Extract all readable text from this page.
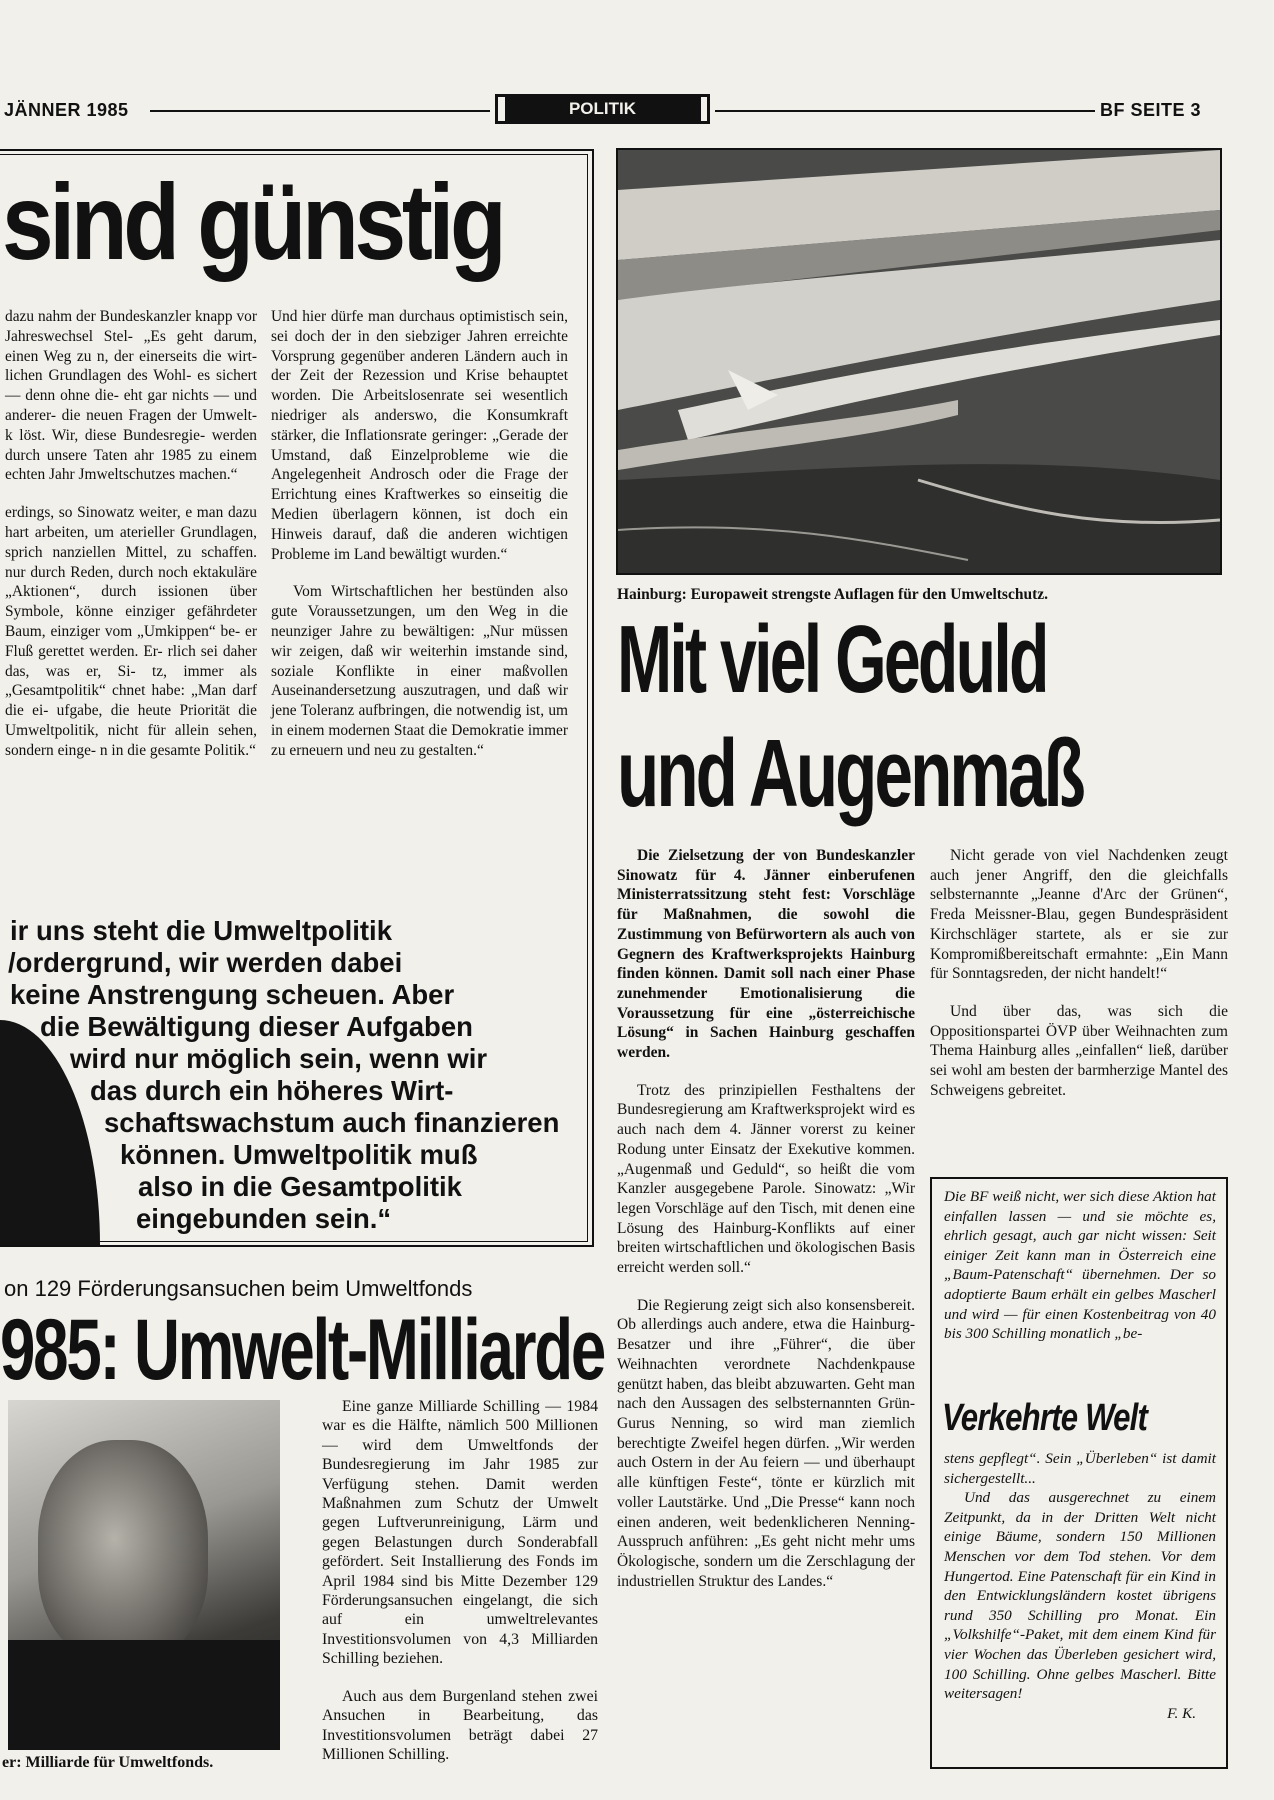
JÄNNER 1985	POLITIK	BF SEITE 3
sind günstig

dazu nahm der Bundeskanzler knapp vor Jahreswechsel Stel- „Es geht darum, einen Weg zu n, der einerseits die wirt- lichen Grundlagen des Wohl- es sichert — denn ohne die- eht gar nichts — und anderer- die neuen Fragen der Umwelt- k löst. Wir, diese Bundesregie- werden durch unsere Taten ahr 1985 zu einem echten Jahr Jmweltschutzes machen.“

erdings, so Sinowatz weiter, e man dazu hart arbeiten, um aterieller Grundlagen, sprich nanziellen Mittel, zu schaffen. nur durch Reden, durch noch ektakuläre „Aktionen“, durch issionen über Symbole, könne einziger gefährdeter Baum, einziger vom „Umkippen“ be- er Fluß gerettet werden. Er- rlich sei daher das, was er, Si- tz, immer als „Gesamtpolitik“ chnet habe: „Man darf die ei- ufgabe, die heute Priorität die Umweltpolitik, nicht für allein sehen, sondern einge- n in die gesamte Politik.“

Und hier dürfe man durchaus optimistisch sein, sei doch der in den siebziger Jahren erreichte Vorsprung gegenüber anderen Ländern auch in der Zeit der Rezession und Krise behauptet worden. Die Arbeitslosenrate sei wesentlich niedriger als anderswo, die Konsumkraft stärker, die Inflationsrate geringer: „Gerade der Umstand, daß Einzelprobleme wie die Angelegenheit Androsch oder die Frage der Errichtung eines Kraftwerkes so einseitig die Medien überlagern können, ist doch ein Hinweis darauf, daß die anderen wichtigen Probleme im Land bewältigt wurden.“

Vom Wirtschaftlichen her bestünden also gute Voraussetzungen, um den Weg in die neunziger Jahre zu bewältigen: „Nur müssen wir zeigen, daß wir weiterhin imstande sind, soziale Konflikte in einer maßvollen Auseinandersetzung auszutragen, und daß wir jene Toleranz aufbringen, die notwendig ist, um in einem modernen Staat die Demokratie immer zu erneuern und neu zu gestalten.“

ir uns steht die Umweltpolitik
/ordergrund, wir werden dabei
keine Anstrengung scheuen. Aber
die Bewältigung dieser Aufgaben
wird nur möglich sein, wenn wir
das durch ein höheres Wirt-
schaftswachstum auch finanzieren
können. Umweltpolitik muß
also in die Gesamtpolitik
eingebunden sein.“
on 129 Förderungsansuchen beim Umweltfonds
985: Umwelt-Milliarde
er: Milliarde für Umweltfonds.

Eine ganze Milliarde Schilling — 1984 war es die Hälfte, nämlich 500 Millionen — wird dem Umweltfonds der Bundesregierung im Jahr 1985 zur Verfügung stehen. Damit werden Maßnahmen zum Schutz der Umwelt gegen Luftverunreinigung, Lärm und gegen Belastungen durch Sonderabfall gefördert. Seit Installierung des Fonds im April 1984 sind bis Mitte Dezember 129 Förderungsansuchen eingelangt, die sich auf ein umweltrelevantes Investitionsvolumen von 4,3 Milliarden Schilling beziehen.

Auch aus dem Burgenland stehen zwei Ansuchen in Bearbeitung, das Investitionsvolumen beträgt dabei 27 Millionen Schilling.

Hainburg: Europaweit strengste Auflagen für den Umweltschutz.
Mit viel Geduld
und Augenmaß

Die Zielsetzung der von Bundeskanzler Sinowatz für 4. Jänner einberufenen Ministerratssitzung steht fest: Vorschläge für Maßnahmen, die sowohl die Zustimmung von Befürwortern als auch von Gegnern des Kraftwerksprojekts Hainburg finden können. Damit soll nach einer Phase zunehmender Emotionalisierung die Voraussetzung für eine „österreichische Lösung“ in Sachen Hainburg geschaffen werden.

Trotz des prinzipiellen Festhaltens der Bundesregierung am Kraftwerksprojekt wird es auch nach dem 4. Jänner vorerst zu keiner Rodung unter Einsatz der Exekutive kommen. „Augenmaß und Geduld“, so heißt die vom Kanzler ausgegebene Parole. Sinowatz: „Wir legen Vorschläge auf den Tisch, mit denen eine Lösung des Hainburg-Konflikts auf einer breiten wirtschaftlichen und ökologischen Basis erreicht werden soll.“

Die Regierung zeigt sich also konsensbereit. Ob allerdings auch andere, etwa die Hainburg-Besatzer und ihre „Führer“, die über Weihnachten verordnete Nachdenkpause genützt haben, das bleibt abzuwarten. Geht man nach den Aussagen des selbsternannten Grün-Gurus Nenning, so wird man ziemlich berechtigte Zweifel hegen dürfen. „Wir werden auch Ostern in der Au feiern — und überhaupt alle künftigen Feste“, tönte er kürzlich mit voller Lautstärke. Und „Die Presse“ kann noch einen anderen, weit bedenklicheren Nenning-Ausspruch anführen: „Es geht nicht mehr ums Ökologische, sondern um die Zerschlagung der industriellen Struktur des Landes.“

Nicht gerade von viel Nachdenken zeugt auch jener Angriff, den die gleichfalls selbsternannte „Jeanne d'Arc der Grünen“, Freda Meissner-Blau, gegen Bundespräsident Kirchschläger startete, als er sie zur Kompromißbereitschaft ermahnte: „Ein Mann für Sonntagsreden, der nicht handelt!“

Und über das, was sich die Oppositionspartei ÖVP über Weihnachten zum Thema Hainburg alles „einfallen“ ließ, darüber sei wohl am besten der barmherzige Mantel des Schweigens gebreitet.

Die BF weiß nicht, wer sich diese Aktion hat einfallen lassen — und sie möchte es, ehrlich gesagt, auch gar nicht wissen: Seit einiger Zeit kann man in Österreich eine „Baum-Patenschaft“ übernehmen. Der so adoptierte Baum erhält ein gelbes Mascherl und wird — für einen Kostenbeitrag von 40 bis 300 Schilling monatlich „be-
Verkehrte Welt

stens gepflegt“. Sein „Überleben“ ist damit sichergestellt...

Und das ausgerechnet zu einem Zeitpunkt, da in der Dritten Welt nicht einige Bäume, sondern 150 Millionen Menschen vor dem Tod stehen. Vor dem Hungertod. Eine Patenschaft für ein Kind in den Entwicklungsländern kostet übrigens rund 350 Schilling pro Monat. Ein „Volkshilfe“-Paket, mit dem einem Kind für vier Wochen das Überleben gesichert wird, 100 Schilling. Ohne gelbes Mascherl. Bitte weitersagen!

F. K.
